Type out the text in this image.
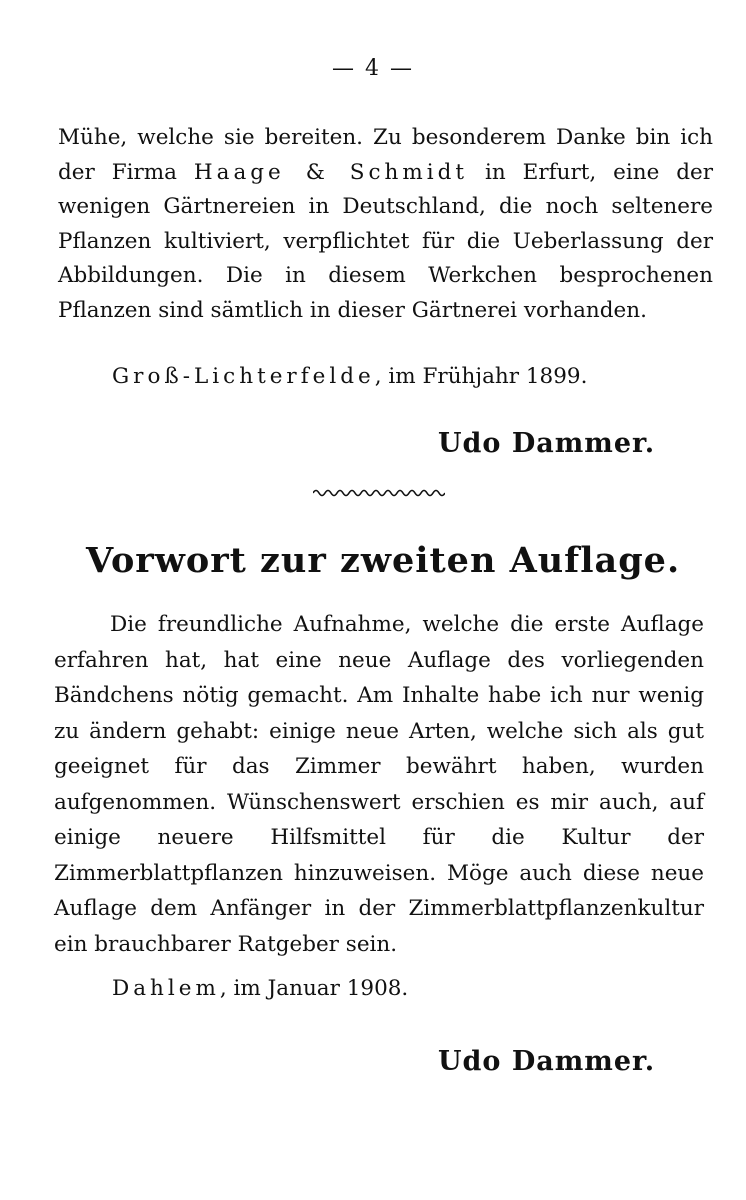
— 4 —

Mühe, welche sie bereiten. Zu besonderem Danke bin ich der Firma Haage & Schmidt in Erfurt, eine der wenigen Gärtnereien in Deutschland, die noch seltenere Pflanzen kultiviert, verpflichtet für die Ueberlassung der Abbildungen. Die in diesem Werkchen besprochenen Pflanzen sind sämtlich in dieser Gärtnerei vorhanden.

Groß-Lichterfelde, im Frühjahr 1899.
Udo Dammer.
Vorwort zur zweiten Auflage.

Die freundliche Aufnahme, welche die erste Auflage erfahren hat, hat eine neue Auflage des vorliegenden Bändchens nötig gemacht. Am Inhalte habe ich nur wenig zu ändern gehabt: einige neue Arten, welche sich als gut geeignet für das Zimmer bewährt haben, wurden aufgenommen. Wünschenswert erschien es mir auch, auf einige neuere Hilfsmittel für die Kultur der Zimmerblattpflanzen hinzuweisen. Möge auch diese neue Auflage dem Anfänger in der Zimmerblattpflanzenkultur ein brauchbarer Ratgeber sein.

Dahlem, im Januar 1908.
Udo Dammer.
